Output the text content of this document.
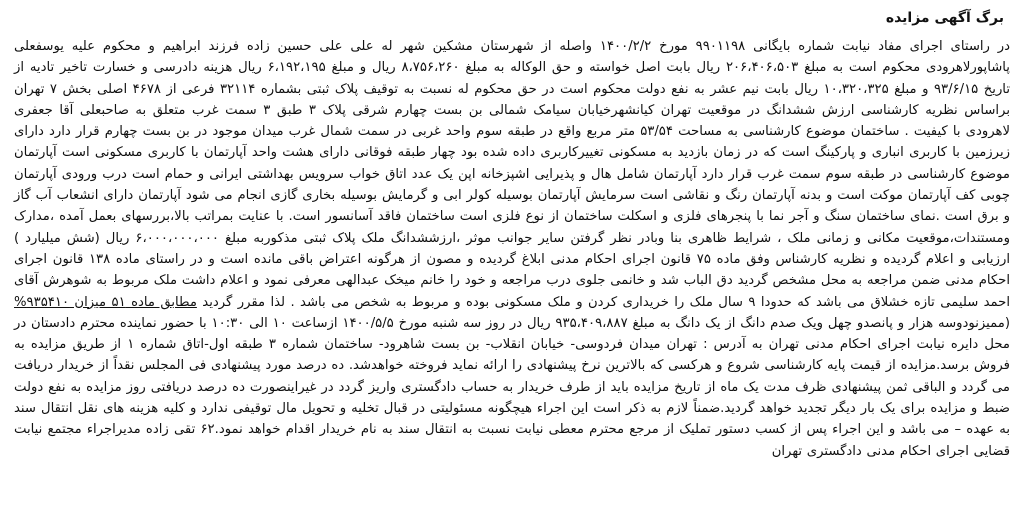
برگ آگهی مزایده

در راستای اجرای مفاد نیابت شماره بایگانی ۹۹۰۱۱۹۸ مورخ ۱۴۰۰/۲/۲ واصله از شهرستان مشکین شهر له علی علی حسین زاده فرزند ابراهیم و محکوم علیه یوسفعلی پاشاپورلاهرودی محکوم است به مبلغ ۲۰۶،۴۰۶،۵۰۳ ریال بابت اصل خواسته و حق الوکاله به مبلغ ۸،۷۵۶،۲۶۰ ریال و مبلغ ۶،۱۹۲،۱۹۵ ریال هزینه دادرسی و خسارت تاخیر تادیه از تاریخ ۹۳/۶/۱۵ و مبلغ ۱۰،۳۲۰،۳۲۵ ریال بابت نیم عشر به نفع دولت محکوم است در حق محکوم له نسبت به توقیف پلاک ثبتی بشماره ۳۲۱۱۴ فرعی از ۴۶۷۸ اصلی بخش ۷ تهران براساس نظریه کارشناسی ارزش ششدانگ در موقعیت تهران کیانشهرخیابان سیامک شمالی بن بست چهارم شرقی پلاک ۳ طبق ۳ سمت غرب متعلق به صاحبعلی آقا جعفری لاهرودی با کیفیت . ساختمان موضوع کارشناسی به مساحت ۵۳/۵۴ متر مربع واقع در طبقه سوم واحد غربی در سمت شمال غرب میدان موجود در بن بست چهارم قرار دارد دارای زیرزمین با کاربری انباری و پارکینگ است که در زمان بازدید به مسکونی تغییرکاربری داده شده بود چهار طبقه فوقانی دارای هشت واحد آپارتمان با کاربری مسکونی است آپارتمان موضوع کارشناسی در طبقه سوم سمت غرب قرار دارد آپارتمان شامل هال و پذیرایی اشپزخانه اپن یک عدد اتاق خواب سرویس بهداشتی ایرانی و حمام است درب ورودی آپارتمان چوبی کف آپارتمان موکت است و بدنه آپارتمان رنگ و نقاشی است سرمایش آپارتمان بوسیله کولر ابی و گرمایش بوسیله بخاری گازی انجام می شود آپارتمان دارای انشعاب آب گاز و برق است .نمای ساختمان سنگ و آجر نما با پنجرهای فلزی و اسکلت ساختمان از نوع فلزی است ساختمان فاقد آسانسور است. با عنایت بمراتب بالا،بررسهای بعمل آمده ،مدارک ومستندات،موقعیت مکانی و زمانی ملک ، شرایط ظاهری بنا وبادر نظر گرفتن سایر جوانب موثر ،ارزششدانگ ملک پلاک ثبتی مذکوربه مبلغ ۶،۰۰۰،۰۰۰،۰۰۰ ریال (شش میلیارد ) ارزیابی و اعلام گردیده و نظریه کارشناس وفق ماده ۷۵ قانون اجرای احکام مدنی ابلاغ گردیده و مصون از هرگونه اعتراض باقی مانده است و در راستای ماده ۱۳۸ قانون اجرای احکام مدنی ضمن مراجعه به محل مشخص گردید دق الباب شد و خانمی جلوی درب مراجعه و خود را خانم میخک عبدالهی معرفی نمود و اعلام داشت ملک مربوط به شوهرش آقای احمد سلیمی تازه خشلاق می باشد که حدودا ۹ سال ملک را خریداری کردن و ملک مسکونی بوده و مربوط به شخص می باشد . لذا مقرر گردید مطابق ماده ۵۱ میزان ۹۳۵۴۱۰% (ممیزنودوسه هزار و پانصدو چهل ویک صدم دانگ از یک دانگ به مبلغ ۹۳۵،۴۰۹،۸۸۷ ریال در روز سه شنبه مورخ ۱۴۰۰/۵/۵ ازساعت ۱۰ الی ۱۰:۳۰ با حضور نماینده محترم دادستان در محل دایره نیابت اجرای احکام مدنی تهران به آدرس : تهران میدان فردوسی- خیابان انقلاب- بن بست شاهرود- ساختمان شماره ۳ طبقه اول-اتاق شماره ۱ از طریق مزایده به فروش برسد.مزایده از قیمت پایه کارشناسی شروع و هرکسی که بالاترین نرخ پیشنهادی را ارائه نماید فروخته خواهدشد. ده درصد مورد پیشنهادی فی المجلس نقداً از خریدار دریافت می گردد و الباقی ثمن پیشنهادی ظرف مدت یک ماه از تاریخ مزایده باید از طرف خریدار به حساب دادگستری واریز گردد در غیراینصورت ده درصد دریافتی روز مزایده به نفع دولت ضبط و مزایده برای یک بار دیگر تجدید خواهد گردید.ضمناً لازم به ذکر است این اجراء هیچگونه مسئولیتی در قبال تخلیه و تحویل مال توقیفی ندارد و کلیه هزینه های نقل انتقال سند به عهده – می باشد و این اجراء پس از کسب دستور تملیک از مرجع محترم معطی نیابت نسبت به انتقال سند به نام خریدار اقدام خواهد نمود.۶۲ تقی زاده مدیراجراء مجتمع نیابت قضایی اجرای احکام مدنی دادگستری تهران
